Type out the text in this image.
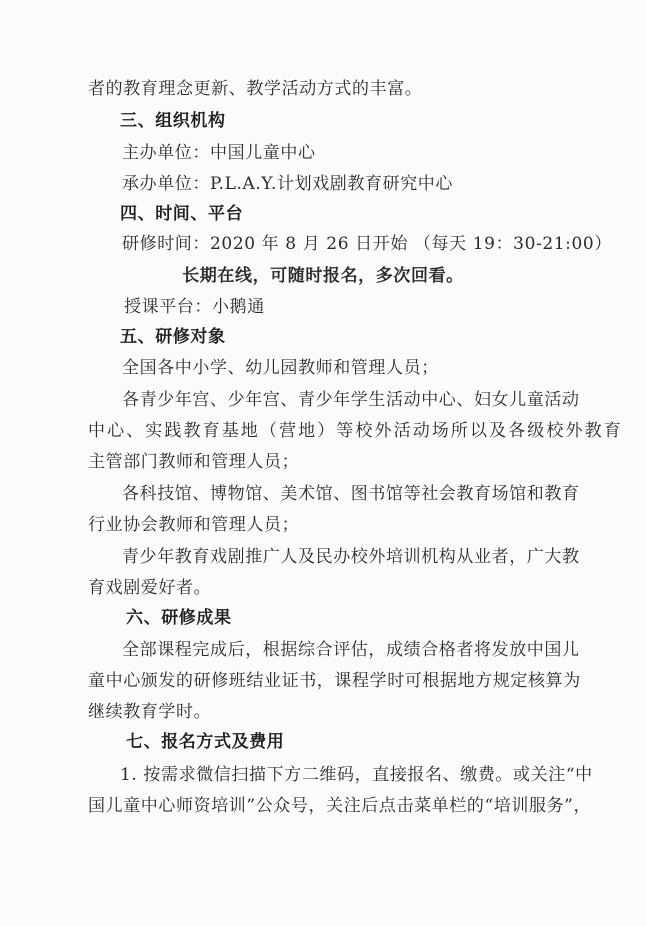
者的教育理念更新、教学活动方式的丰富。
三、组织机构
主办单位：中国儿童中心
承办单位：P.L.A.Y.计划戏剧教育研究中心
四、时间、平台
研修时间：2020 年 8 月 26 日开始 （每天 19：30-21:00）
长期在线，可随时报名，多次回看。
授课平台：小鹅通
五、研修对象
全国各中小学、幼儿园教师和管理人员；
各青少年宫、少年宫、青少年学生活动中心、妇女儿童活动
中心、实践教育基地（营地）等校外活动场所以及各级校外教育
主管部门教师和管理人员；
各科技馆、博物馆、美术馆、图书馆等社会教育场馆和教育
行业协会教师和管理人员；
青少年教育戏剧推广人及民办校外培训机构从业者，广大教
育戏剧爱好者。
六、研修成果
全部课程完成后，根据综合评估，成绩合格者将发放中国儿
童中心颁发的研修班结业证书，课程学时可根据地方规定核算为
继续教育学时。
七、报名方式及费用
1. 按需求微信扫描下方二维码，直接报名、缴费。或关注“中
国儿童中心师资培训”公众号，关注后点击菜单栏的“培训服务”，
